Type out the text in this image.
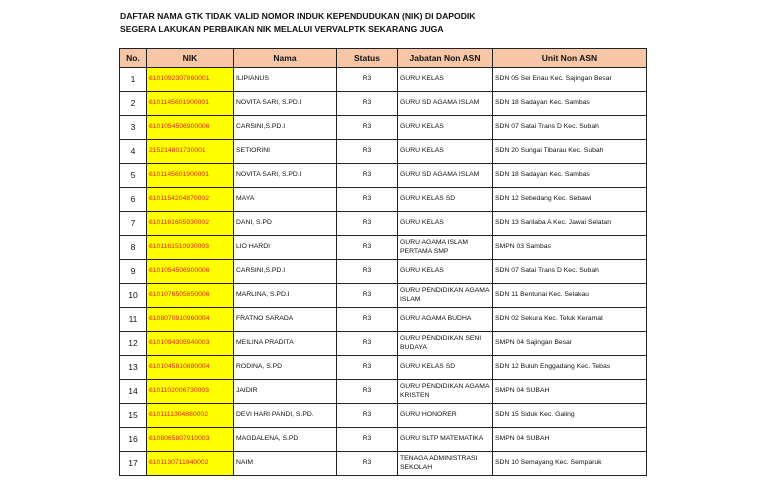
DAFTAR NAMA GTK TIDAK VALID NOMOR INDUK KEPENDUDUKAN (NIK) DI DAPODIK
SEGERA LAKUKAN PERBAIKAN NIK MELALUI VERVALPTK SEKARANG JUGA
No.	NIK	Nama	Status	Jabatan Non ASN	Unit Non ASN
1	6101092307860001	ILIPIANUS	R3	GURU KELAS	SDN 05 Sei Enau Kec. Sajingan Besar
2	6101145601900001	NOVITA SARI, S.PD.I	R3	GURU SD AGAMA ISLAM	SDN 18 Sadayan Kec. Sambas
3	6101054506900006	CARSINI,S.PD.I	R3	GURU KELAS	SDN 07 Satai Trans D Kec. Subah
4	215214801730001	SETIORINI	R3	GURU KELAS	SDN 20 Sungai Tibarau Kec. Subah
5	6101145601900001	NOVITA SARI, S.PD.I	R3	GURU SD AGAMA ISLAM	SDN 18 Sadayan Kec. Sambas
6	6101154204870002	MAYA	R3	GURU KELAS SD	SDN 12 Sebedang Kec. Sebawi
7	6101161605930002	DANI, S.PD	R3	GURU KELAS	SDN 13 Sarilaba A Kec. Jawai Selatan
8	6101161510930003	LIO HARDI	R3	GURU AGAMA ISLAM PERTAMA SMP	SMPN 03 Sambas
9	6101054506900006	CARSINI,S.PD.I	R3	GURU KELAS	SDN 07 Satai Trans D Kec. Subah
10	6101076505850006	MARLINA, S.PD.I	R3	GURU PENDIDIKAN AGAMA ISLAM	SDN 11 Bentunai Kec. Selakau
11	6108070910960004	FRATNO SARADA	R3	GURU AGAMA BUDHA	SDN 02 Sekura Kec. Teluk Keramat
12	6101094305940003	MEILINA PRADITA	R3	GURU PENDIDIKAN SENI BUDAYA	SMPN 04 Sajingan Besar
13	6101045810880004	RODINA, S.PD	R3	GURU KELAS SD	SDN 12 Buluh Enggadang Kec. Tebas
14	6101102006730003	JAIDIR	R3	GURU PENDIDIKAN AGAMA KRISTEN	SMPN 04 SUBAH
15	6101111304880002	DEVI HARI PANDI, S.PD.	R3	GURU HONORER	SDN 15 Siduk Kec. Galing
16	6108065807910003	MAGDALENA, S.PD	R3	GURU SLTP MATEMATIKA	SMPN 04 SUBAH
17	6101130711940002	NAIM	R3	TENAGA ADMINISTRASI SEKOLAH	SDN 10 Semayang Kec. Semparuk
